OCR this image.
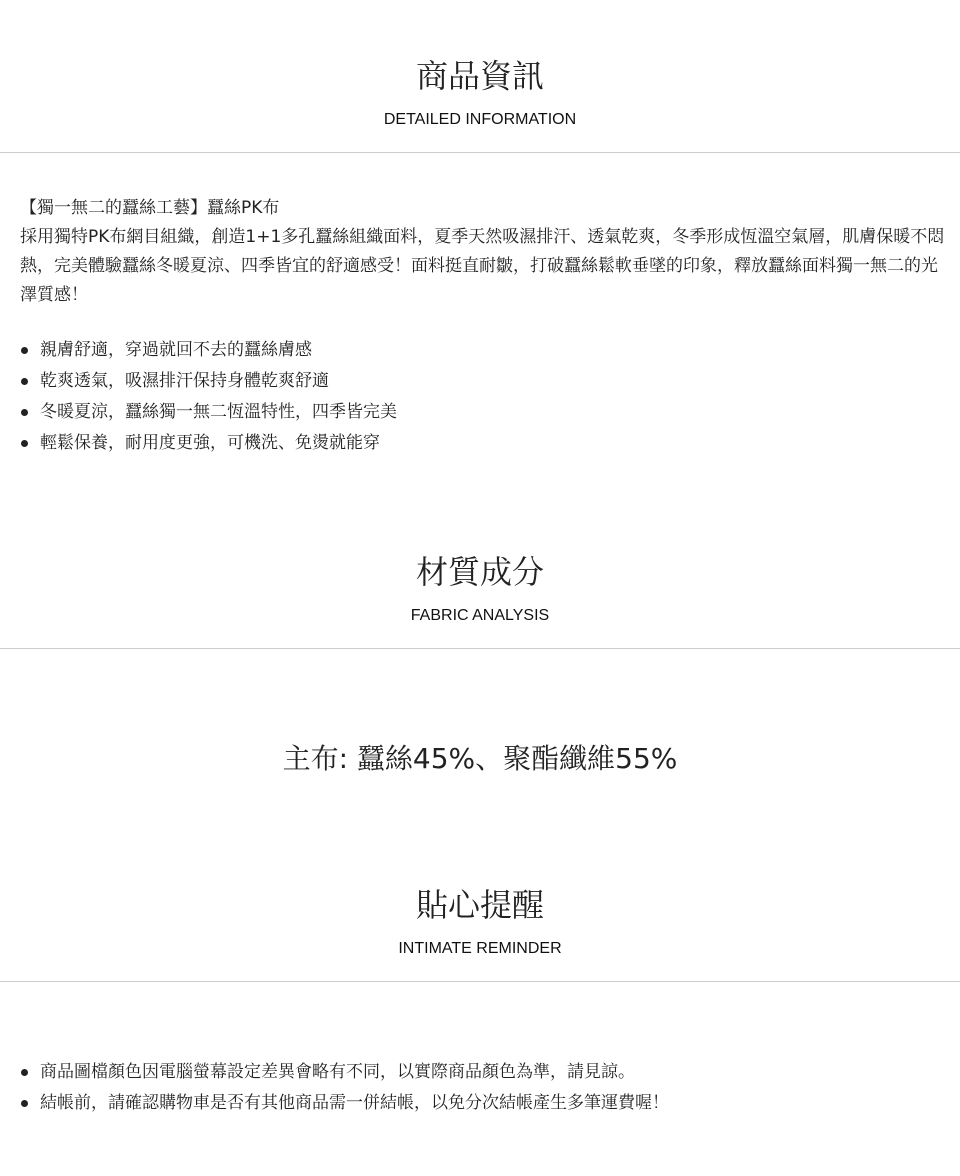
商品資訊
DETAILED INFORMATION

【獨一無二的蠶絲工藝】蠶絲PK布

採用獨特PK布網目組織，創造1+1多孔蠶絲組織面料，夏季天然吸濕排汗、透氣乾爽，冬季形成恆溫空氣層，肌膚保暖不悶熱，完美體驗蠶絲冬暖夏涼、四季皆宜的舒適感受！面料挺直耐皺，打破蠶絲鬆軟垂墜的印象，釋放蠶絲面料獨一無二的光澤質感！

親膚舒適，穿過就回不去的蠶絲膚感
乾爽透氣，吸濕排汗保持身體乾爽舒適
冬暖夏涼，蠶絲獨一無二恆溫特性，四季皆完美
輕鬆保養，耐用度更強，可機洗、免燙就能穿
材質成分
FABRIC ANALYSIS
主布: 蠶絲45%、聚酯纖維55%
貼心提醒
INTIMATE REMINDER
商品圖檔顏色因電腦螢幕設定差異會略有不同，以實際商品顏色為準，請見諒。
結帳前，請確認購物車是否有其他商品需一併結帳，以免分次結帳產生多筆運費喔！
